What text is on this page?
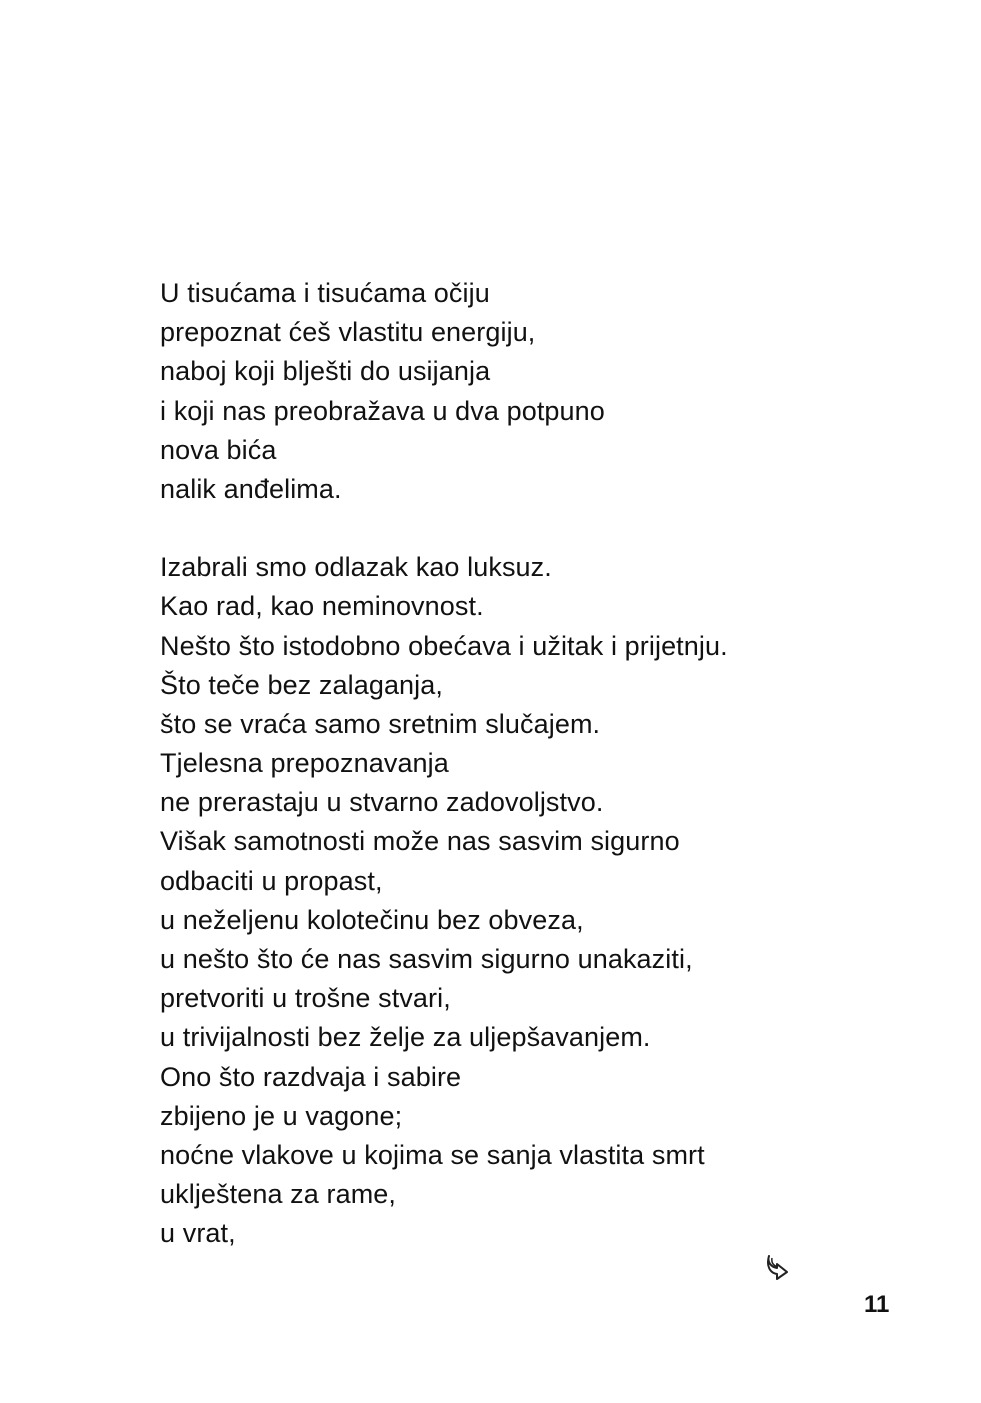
U tisućama i tisućama očiju
prepoznat ćeš vlastitu energiju,
naboj koji blješti do usijanja
i koji nas preobražava u dva potpuno
nova bića
nalik anđelima.

Izabrali smo odlazak kao luksuz.
Kao rad, kao neminovnost.
Nešto što istodobno obećava i užitak i prijetnju.
Što teče bez zalaganja,
što se vraća samo sretnim slučajem.
Tjelesna prepoznavanja
ne prerastaju u stvarno zadovoljstvo.
Višak samotnosti može nas sasvim sigurno
odbaciti u propast,
u neželjenu kolotečinu bez obveza,
u nešto što će nas sasvim sigurno unakaziti,
pretvoriti u trošne stvari,
u trivijalnosti bez želje za uljepšavanjem.
Ono što razdvaja i sabire
zbijeno je u vagone;
noćne vlakove u kojima se sanja vlastita smrt
uklještena za rame,
u vrat,

11
